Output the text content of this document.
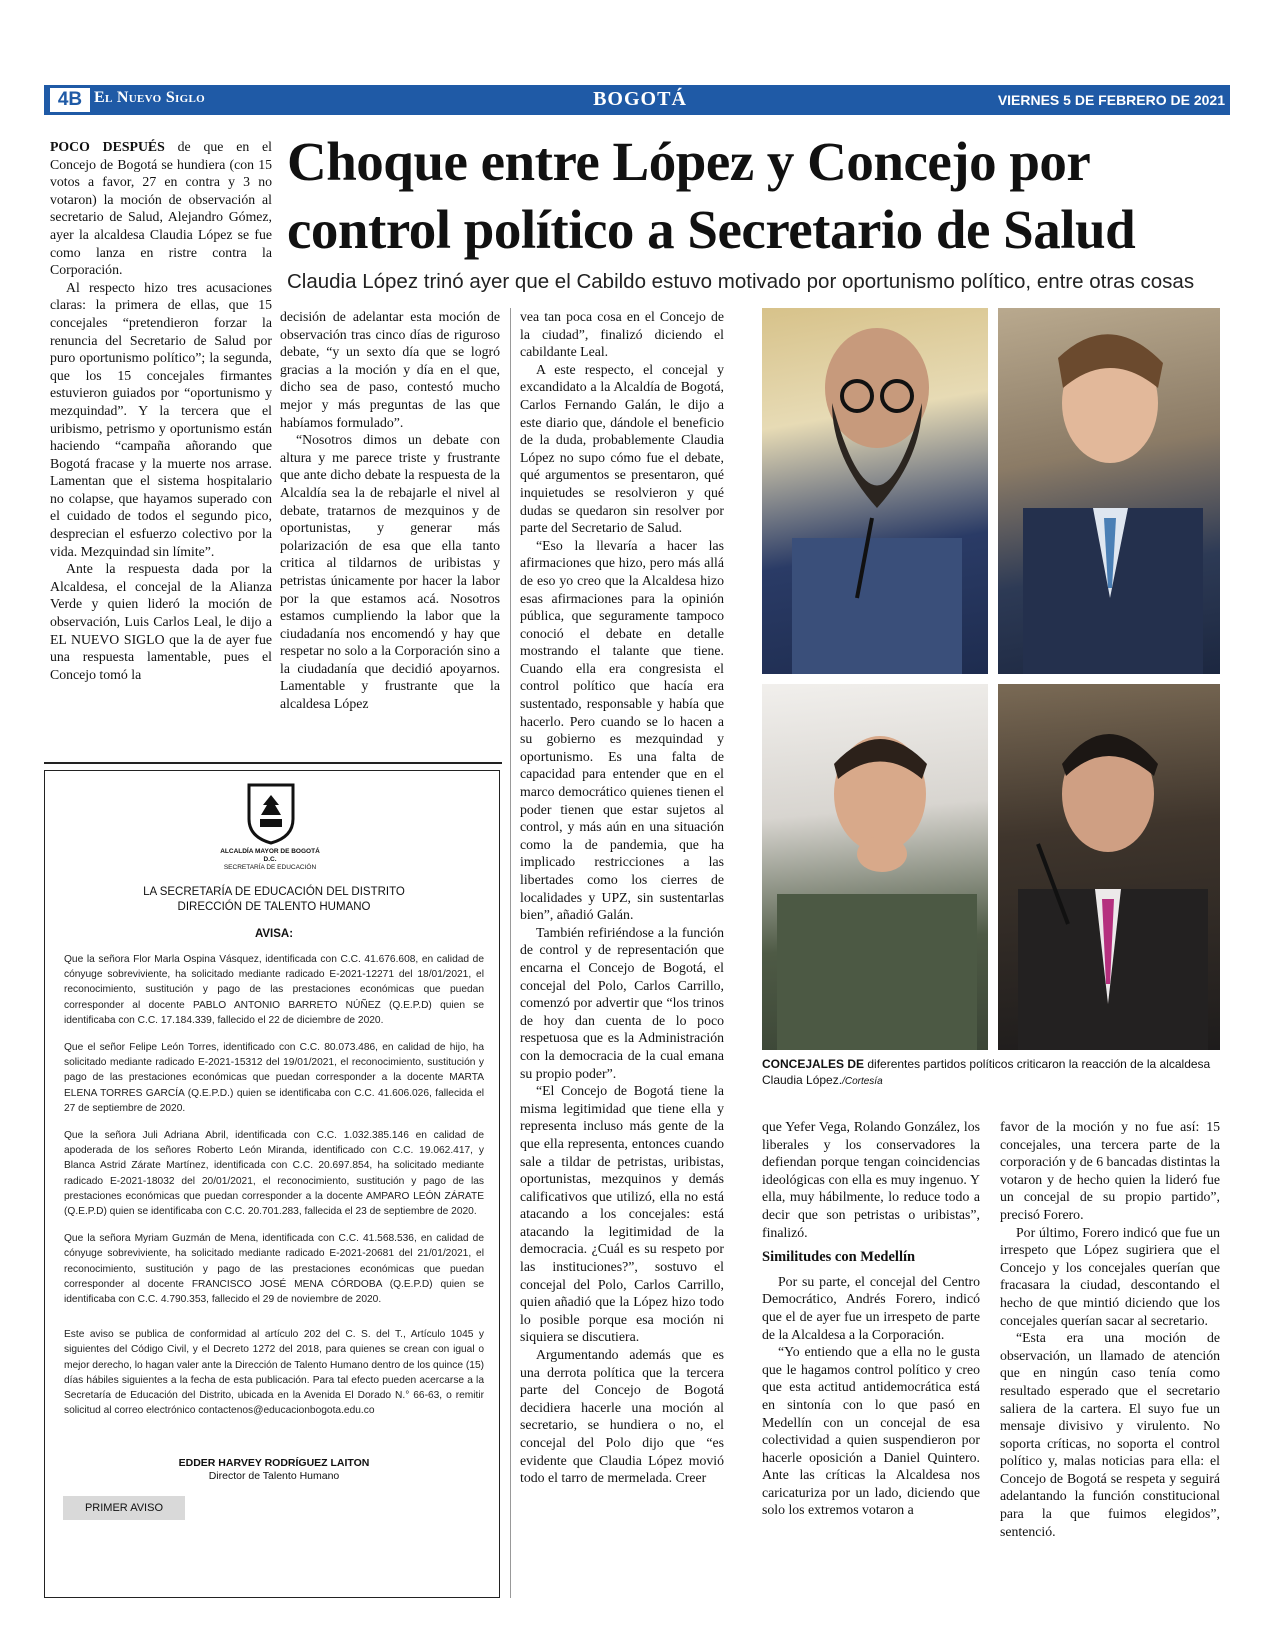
4B El Nuevo Siglo	BOGOTÁ	VIERNES 5 DE FEBRERO DE 2021
Choque entre López y Concejo por control político a Secretario de Salud
Claudia López trinó ayer que el Cabildo estuvo motivado por oportunismo político, entre otras cosas

POCO DESPUÉS de que en el Concejo de Bogotá se hundiera (con 15 votos a favor, 27 en contra y 3 no votaron) la moción de observación al secretario de Salud, Alejandro Gómez, ayer la alcaldesa Claudia López se fue como lanza en ristre contra la Corporación.

Al respecto hizo tres acusaciones claras: la primera de ellas, que 15 concejales “pretendieron forzar la renuncia del Secretario de Salud por puro oportunismo político”; la segunda, que los 15 concejales firmantes estuvieron guiados por “oportunismo y mezquindad”. Y la tercera que el uribismo, petrismo y oportunismo están haciendo “campaña añorando que Bogotá fracase y la muerte nos arrase. Lamentan que el sistema hospitalario no colapse, que hayamos superado con el cuidado de todos el segundo pico, desprecian el esfuerzo colectivo por la vida. Mezquindad sin límite”.

Ante la respuesta dada por la Alcaldesa, el concejal de la Alianza Verde y quien lideró la moción de observación, Luis Carlos Leal, le dijo a EL NUEVO SIGLO que la de ayer fue una respuesta lamentable, pues el Concejo tomó la

decisión de adelantar esta moción de observación tras cinco días de riguroso debate, “y un sexto día que se logró gracias a la moción y día en el que, dicho sea de paso, contestó mucho mejor y más preguntas de las que habíamos formulado”.

“Nosotros dimos un debate con altura y me parece triste y frustrante que ante dicho debate la respuesta de la Alcaldía sea la de rebajarle el nivel al debate, tratarnos de mezquinos y de oportunistas, y generar más polarización de esa que ella tanto critica al tildarnos de uribistas y petristas únicamente por hacer la labor por la que estamos acá. Nosotros estamos cumpliendo la labor que la ciudadanía nos encomendó y hay que respetar no solo a la Corporación sino a la ciudadanía que decidió apoyarnos. Lamentable y frustrante que la alcaldesa López

vea tan poca cosa en el Concejo de la ciudad”, finalizó diciendo el cabildante Leal.

A este respecto, el concejal y excandidato a la Alcaldía de Bogotá, Carlos Fernando Galán, le dijo a este diario que, dándole el beneficio de la duda, probablemente Claudia López no supo cómo fue el debate, qué argumentos se presentaron, qué inquietudes se resolvieron y qué dudas se quedaron sin resolver por parte del Secretario de Salud.

“Eso la llevaría a hacer las afirmaciones que hizo, pero más allá de eso yo creo que la Alcaldesa hizo esas afirmaciones para la opinión pública, que seguramente tampoco conoció el debate en detalle mostrando el talante que tiene. Cuando ella era congresista el control político que hacía era sustentado, responsable y había que hacerlo. Pero cuando se lo hacen a su gobierno es mezquindad y oportunismo. Es una falta de capacidad para entender que en el marco democrático quienes tienen el poder tienen que estar sujetos al control, y más aún en una situación como la de pandemia, que ha implicado restricciones a las libertades como los cierres de localidades y UPZ, sin sustentarlas bien”, añadió Galán.

También refiriéndose a la función de control y de representación que encarna el Concejo de Bogotá, el concejal del Polo, Carlos Carrillo, comenzó por advertir que “los trinos de hoy dan cuenta de lo poco respetuosa que es la Administración con la democracia de la cual emana su propio poder”.

“El Concejo de Bogotá tiene la misma legitimidad que tiene ella y representa incluso más gente de la que ella representa, entonces cuando sale a tildar de petristas, uribistas, oportunistas, mezquinos y demás calificativos que utilizó, ella no está atacando a los concejales: está atacando la legitimidad de la democracia. ¿Cuál es su respeto por las instituciones?”, sostuvo el concejal del Polo, Carlos Carrillo, quien añadió que la López hizo todo lo posible porque esa moción ni siquiera se discutiera.

Argumentando además que es una derrota política que la tercera parte del Concejo de Bogotá decidiera hacerle una moción al secretario, se hundiera o no, el concejal del Polo dijo que “es evidente que Claudia López movió todo el tarro de mermelada. Creer

CONCEJALES DE diferentes partidos políticos criticaron la reacción de la alcaldesa Claudia López./Cortesía

que Yefer Vega, Rolando González, los liberales y los conservadores la defiendan porque tengan coincidencias ideológicas con ella es muy ingenuo. Y ella, muy hábilmente, lo reduce todo a decir que son petristas o uribistas”, finalizó.

Similitudes con Medellín

Por su parte, el concejal del Centro Democrático, Andrés Forero, indicó que el de ayer fue un irrespeto de parte de la Alcaldesa a la Corporación.

“Yo entiendo que a ella no le gusta que le hagamos control político y creo que esta actitud antidemocrática está en sintonía con lo que pasó en Medellín con un concejal de esa colectividad a quien suspendieron por hacerle oposición a Daniel Quintero. Ante las críticas la Alcaldesa nos caricaturiza por un lado, diciendo que solo los extremos votaron a

favor de la moción y no fue así: 15 concejales, una tercera parte de la corporación y de 6 bancadas distintas la votaron y de hecho quien la lideró fue un concejal de su propio partido”, precisó Forero.

Por último, Forero indicó que fue un irrespeto que López sugiriera que el Concejo y los concejales querían que fracasara la ciudad, descontando el hecho de que mintió diciendo que los concejales querían sacar al secretario.

“Esta era una moción de observación, un llamado de atención que en ningún caso tenía como resultado esperado que el secretario saliera de la cartera. El suyo fue un mensaje divisivo y virulento. No soporta críticas, no soporta el control político y, malas noticias para ella: el Concejo de Bogotá se respeta y seguirá adelantando la función constitucional para la que fuimos elegidos”, sentenció.

ALCALDÍA MAYOR DE BOGOTÁ D.C.
SECRETARÍA DE EDUCACIÓN
LA SECRETARÍA DE EDUCACIÓN DEL DISTRITO
DIRECCIÓN DE TALENTO HUMANO
AVISA:

Que la señora Flor Marla Ospina Vásquez, identificada con C.C. 41.676.608, en calidad de cónyuge sobreviviente, ha solicitado mediante radicado E-2021-12271 del 18/01/2021, el reconocimiento, sustitución y pago de las prestaciones económicas que puedan corresponder al docente PABLO ANTONIO BARRETO NÚÑEZ (Q.E.P.D) quien se identificaba con C.C. 17.184.339, fallecido el 22 de diciembre de 2020.

Que el señor Felipe León Torres, identificado con C.C. 80.073.486, en calidad de hijo, ha solicitado mediante radicado E-2021-15312 del 19/01/2021, el reconocimiento, sustitución y pago de las prestaciones económicas que puedan corresponder a la docente MARTA ELENA TORRES GARCÍA (Q.E.P.D.) quien se identificaba con C.C. 41.606.026, fallecida el 27 de septiembre de 2020.

Que la señora Juli Adriana Abril, identificada con C.C. 1.032.385.146 en calidad de apoderada de los señores Roberto León Miranda, identificado con C.C. 19.062.417, y Blanca Astrid Zárate Martínez, identificada con C.C. 20.697.854, ha solicitado mediante radicado E-2021-18032 del 20/01/2021, el reconocimiento, sustitución y pago de las prestaciones económicas que puedan corresponder a la docente AMPARO LEÓN ZÁRATE (Q.E.P.D) quien se identificaba con C.C. 20.701.283, fallecida el 23 de septiembre de 2020.

Que la señora Myriam Guzmán de Mena, identificada con C.C. 41.568.536, en calidad de cónyuge sobreviviente, ha solicitado mediante radicado E-2021-20681 del 21/01/2021, el reconocimiento, sustitución y pago de las prestaciones económicas que puedan corresponder al docente FRANCISCO JOSÉ MENA CÓRDOBA (Q.E.P.D) quien se identificaba con C.C. 4.790.353, fallecido el 29 de noviembre de 2020.

Este aviso se publica de conformidad al artículo 202 del C. S. del T., Artículo 1045 y siguientes del Código Civil, y el Decreto 1272 del 2018, para quienes se crean con igual o mejor derecho, lo hagan valer ante la Dirección de Talento Humano dentro de los quince (15) días hábiles siguientes a la fecha de esta publicación. Para tal efecto pueden acercarse a la Secretaría de Educación del Distrito, ubicada en la Avenida El Dorado N.° 66-63, o remitir solicitud al correo electrónico contactenos@educacionbogota.edu.co

EDDER HARVEY RODRÍGUEZ LAITON
Director de Talento Humano
PRIMER AVISO
